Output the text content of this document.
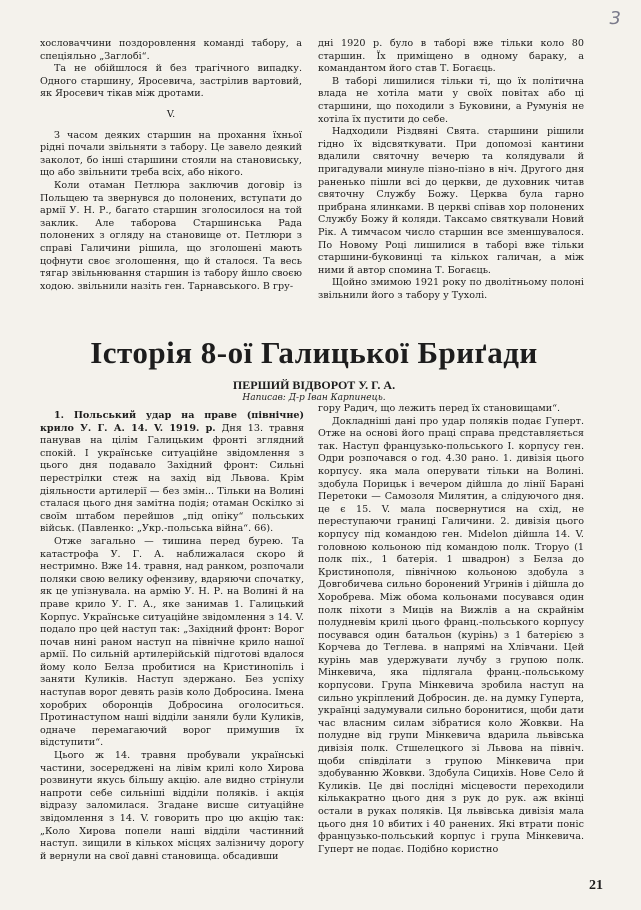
3

хословаччини поздоровлення команді табору, а спеціяльно „Заглобі“.

Та не обійшлося й без трагічного випадку. Одного старшину, Яросевича, застрілив вартовий, як Яросевич тікав між дротами.

V.

З часом деяких старшин на прохання їхньої рідні почали звільняти з табору. Це завело деякий заколот, бо інші старшини стояли на становиську, що або звільнити треба всіх, або нікого.

Коли отаман Петлюра заключив договір із Польщею та звернувся до полонених, вступати до армії У. Н. Р., багато старшин зголосилося на той заклик. Але таборова Старшинська Рада полонених з огляду на становище от. Петлюри з справі Галичини рішила, що зголошені мають цофнути своє зголошення, що й сталося. Та весь тягар звільнювання старшин із табору йшло своєю ходою. звільнили назіть ген. Тарнавського. В гру-

дні 1920 р. було в таборі вже тільки коло 80 старшин. Їх приміщено в одному бараку, а командантом його став Т. Богаєць.

В таборі лишилися тільки ті, що їх політична влада не хотіла мати у своїх повітах або ці старшини, що походили з Буковини, а Румунія не хотіла їх пустити до себе.

Надходили Різдвяні Свята. старшини рішили гідно їх відсвяткувати. При допомозі кантини вдалили святочну вечерю та колядували й пригадували минуле пізно-пізно в ніч. Другого дня раненько пішли всі до церкви, де духовник читав святочну Службу Божу. Церква була гарно прибрана ялинками. В церкві співав хор полонених Службу Божу й коляди. Таксамо святкували Новий Рік. А тимчасом число старшин все зменшувалося. По Новому Році лишилися в таборі вже тільки старшини-буковинці та кількох галичан, а між ними й автор спомина Т. Богаєць.

Щойно змимою 1921 року по дволітньому полоні звільнили його з табору у Тухолі.

Історія 8-ої Галицької Бриґади
ПЕРШИЙ ВІДВОРОТ У. Г. А.
Написав: Д-р Іван Карпинець.

1. Польський удар на праве (північне) крило У. Г. А. 14. V. 1919. р. Дня 13. травня панував на цілім Галицьким фронті зглядний спокій. І українське ситуаційне звідомлення з цього дня подавало Західний фронт: Сильні перестрілки стеж на захід від Львова. Крім діяльности артилерії — без змін... Тільки на Волині сталася цього дня замітна подія; отаман Оскілко зі своїм штабом перейшов „під опіку“ польських військ. (Павленко: „Укр.-польська війна“. 66).

Отже загально — тишина перед бурею. Та катастрофа У. Г. А. наближалася скоро й нестримно. Вже 14. травня, над ранком, розпочали поляки свою велику офензиву, вдаряючи спочатку, як це упізнувала. на армію У. Н. Р. на Волині й на праве крило У. Г. А., яке занимав 1. Галицький Корпус. Українське ситуаційне звідомлення з 14. V. подало про цей наступ так: „Західний фронт: Ворог почав нині раном наступ на північне крило нашої армії. По сильній артилерійській підготові вдалося йому коло Белза пробитися на Кристинопіль і заняти Куликів. Наступ здержано. Без успіху наступав ворог девять разів коло Добросина. Імена хоробрих оборонців Добросина оголоситься. Протинаступом наші відділи заняли були Куликів, одначе перемагаючий ворог примушив їх відступити“.

Цього ж 14. травня пробували українські частини, зосереджені на лівім крилі коло Хирова розвинути якусь більшу акцію. але видно стрінули напроти себе сильніші відділи поляків. і акція відразу заломилася. Згадане висше ситуаційне звідомлення з 14. V. говорить про цю акцію так: „Коло Хирова попели наші відділи частинний наступ. зищили в кількох місцях залізничу дорогу й вернули на свої давні становища. обсадивши

гору Радич, що лежить перед їх становищами“.

Докладніші дані про удар поляків подає Гуперт. Отже на основі його праці справа представляється так. Наступ французько-польського І. корпусу ген. Одри розпочався о год. 4.30 рано. 1. дивізія цього корпусу. яка мала оперувати тільки на Волині. здобула Порицьк і вечером дійшла до лінії Барані Перетоки — Самозоля Милятин, а слідуючого дня. це є 15. V. мала посвернутися на схід, не переступаючи границі Галичини. 2. дивізія цього корпусу під командою ген. Mıdelon дійшла 14. V. головною кольоною під командою полк. Tropyo (1 полк піх., 1 батерія. 1 швадрон) з Белза до Кристинополя, північною кольоною здобула з Довгобичева сильно боронений Угринів і дійшла до Хоробрева. Між обома кольонами посувався один полк піхоти з Миців на Вижлів а на скрайнім полудневім крилі цього франц.-польського корпусу посувався один батальон (курінь) з 1 батерією з Корчева до Теглева. в напрямі на Хлівчани. Цей курінь мав удержувати лучбу з групою полк. Мінкевича, яка підлягала франц.-польському корпусови. Група Мінкевича зробила наступ на сильно укріплений Добросин. де. на думку Гуперта, українці задумували сильно боронитися, щоби дати час власним силам зібратися коло Жовкви. На полудне від групи Мінкевича вдарила львівська дивізія полк. Стшелецкого зі Львова на північ. щоби співділати з групою Мінкевича при здобуванню Жовкви. Здобула Сицихів. Нове Село й Куликів. Це дві послідні місцевости переходили кількакратно цього дня з рук до рук. аж вкінці остали в руках поляків. Ця львівська дивізія мала цього дня 10 вбитих і 40 ранених. Які втрати поніс французько-польський корпус і група Мінкевича. Гуперт не подає. Подібно користно

21
